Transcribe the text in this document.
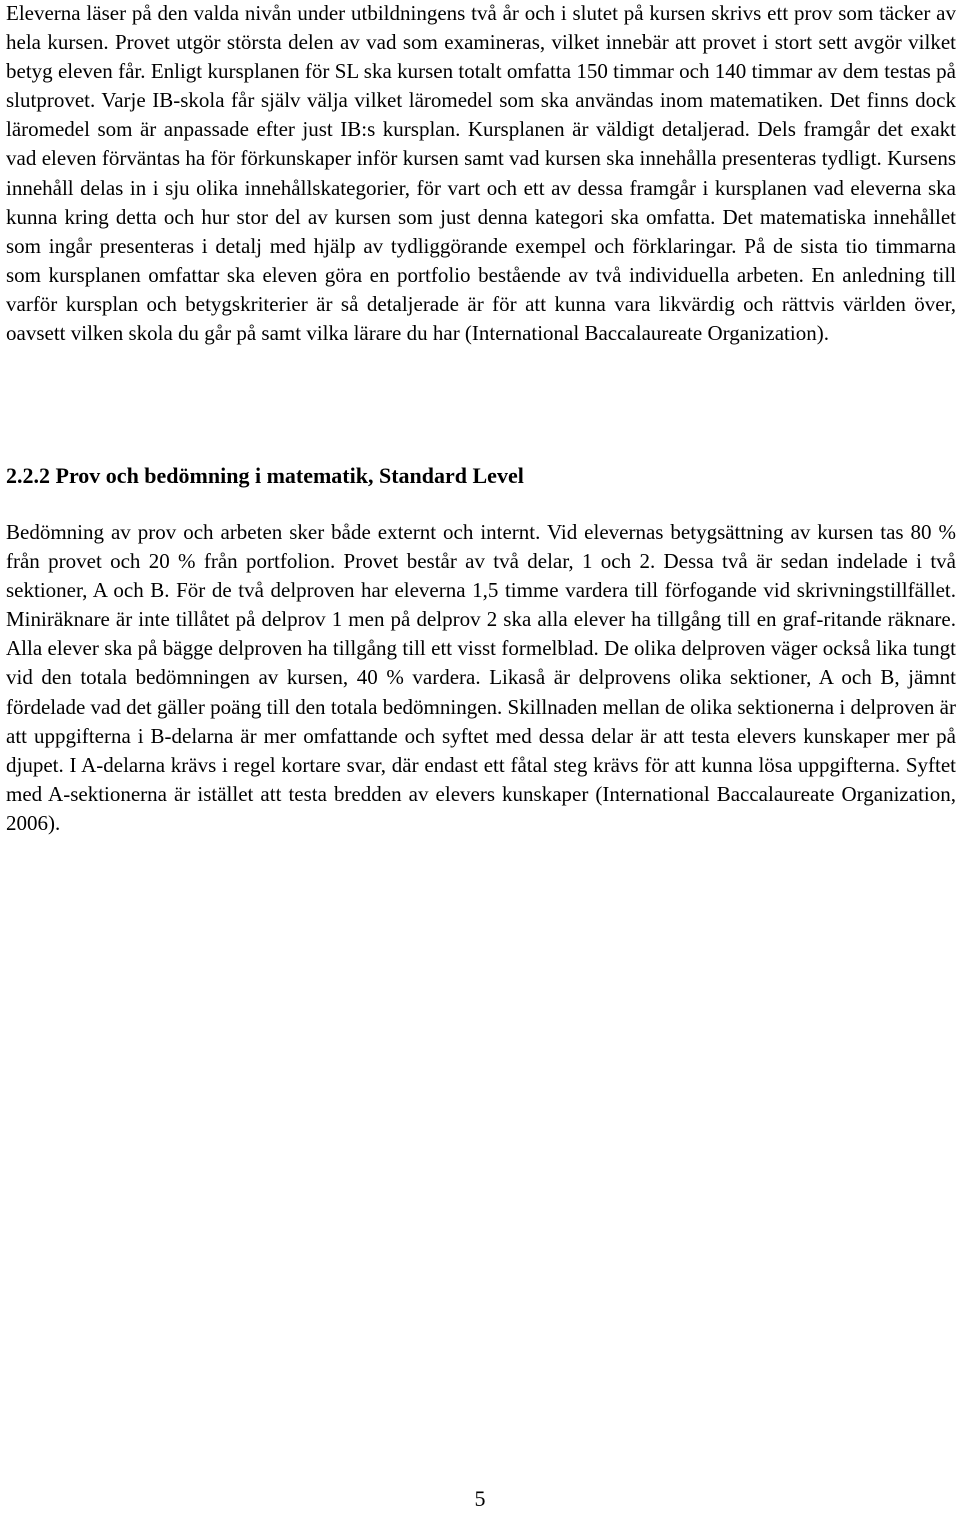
Eleverna läser på den valda nivån under utbildningens två år och i slutet på kursen skrivs ett prov som täcker av hela kursen. Provet utgör största delen av vad som examineras, vilket innebär att provet i stort sett avgör vilket betyg eleven får. Enligt kursplanen för SL ska kursen totalt omfatta 150 timmar och 140 timmar av dem testas på slutprovet. Varje IB-skola får själv välja vilket läromedel som ska användas inom matematiken. Det finns dock läromedel som är anpassade efter just IB:s kursplan. Kursplanen är väldigt detaljerad. Dels framgår det exakt vad eleven förväntas ha för förkunskaper inför kursen samt vad kursen ska innehålla presenteras tydligt. Kursens innehåll delas in i sju olika innehållskategorier, för vart och ett av dessa framgår i kursplanen vad eleverna ska kunna kring detta och hur stor del av kursen som just denna kategori ska omfatta. Det matematiska innehållet som ingår presenteras i detalj med hjälp av tydliggörande exempel och förklaringar. På de sista tio timmarna som kursplanen omfattar ska eleven göra en portfolio bestående av två individuella arbeten. En anledning till varför kursplan och betygskriterier är så detaljerade är för att kunna vara likvärdig och rättvis världen över, oavsett vilken skola du går på samt vilka lärare du har (International Baccalaureate Organization).

2.2.2 Prov och bedömning i matematik, Standard Level

Bedömning av prov och arbeten sker både externt och internt. Vid elevernas betygsättning av kursen tas 80 % från provet och 20 % från portfolion. Provet består av två delar, 1 och 2. Dessa två är sedan indelade i två sektioner, A och B. För de två delproven har eleverna 1,5 timme vardera till förfogande vid skrivningstillfället. Miniräknare är inte tillåtet på delprov 1 men på delprov 2 ska alla elever ha tillgång till en graf-ritande räknare. Alla elever ska på bägge delproven ha tillgång till ett visst formelblad. De olika delproven väger också lika tungt vid den totala bedömningen av kursen, 40 % vardera. Likaså är delprovens olika sektioner, A och B, jämnt fördelade vad det gäller poäng till den totala bedömningen. Skillnaden mellan de olika sektionerna i delproven är att uppgifterna i B-delarna är mer omfattande och syftet med dessa delar är att testa elevers kunskaper mer på djupet. I A-delarna krävs i regel kortare svar, där endast ett fåtal steg krävs för att kunna lösa uppgifterna. Syftet med A-sektionerna är istället att testa bredden av elevers kunskaper (International Baccalaureate Organization, 2006).

5
